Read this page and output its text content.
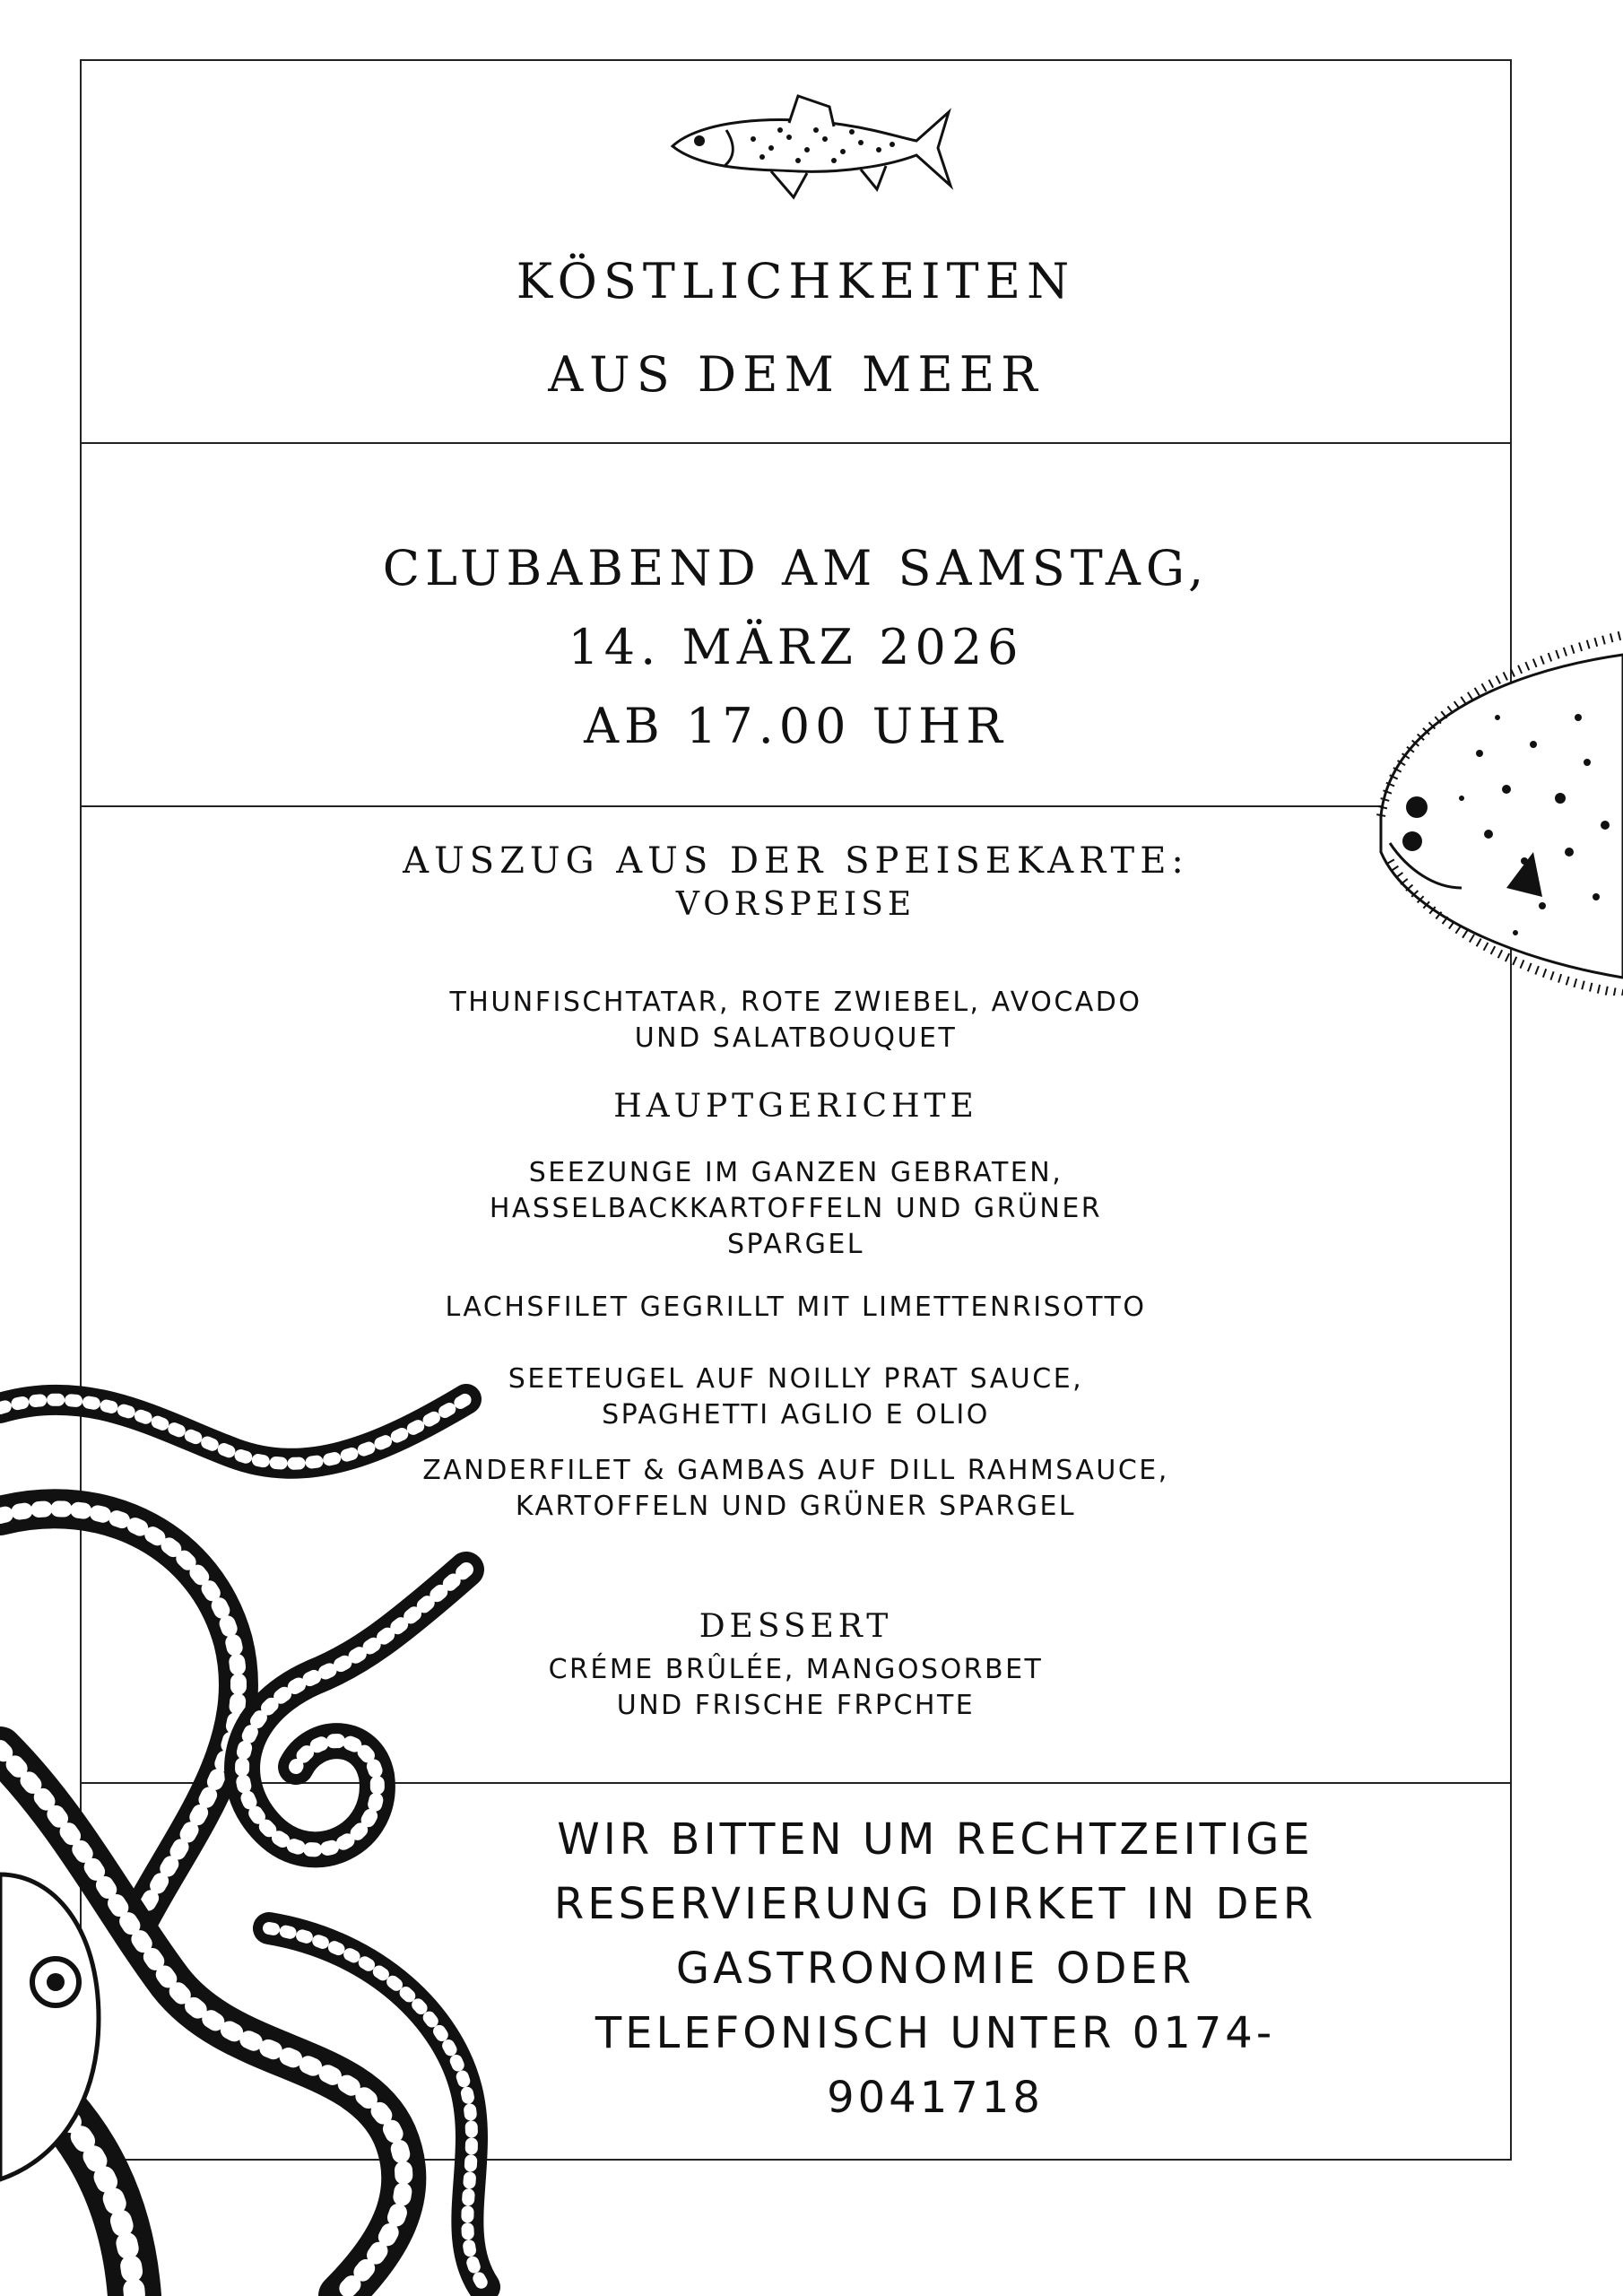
KÖSTLICHKEITEN
AUS DEM MEER
CLUBABEND AM SAMSTAG,
14. MÄRZ 2026
AB 17.00 UHR
AUSZUG AUS DER SPEISEKARTE:
VORSPEISE
THUNFISCHTATAR, ROTE ZWIEBEL, AVOCADO
UND SALATBOUQUET
HAUPTGERICHTE
SEEZUNGE IM GANZEN GEBRATEN,
HASSELBACKKARTOFFELN UND GRÜNER
SPARGEL
LACHSFILET GEGRILLT MIT LIMETTENRISOTTO
SEETEUGEL AUF NOILLY PRAT SAUCE,
SPAGHETTI AGLIO E OLIO
ZANDERFILET & GAMBAS AUF DILL RAHMSAUCE,
KARTOFFELN UND GRÜNER SPARGEL
DESSERT
CRÉME BRÛLÉE, MANGOSORBET
UND FRISCHE FRPCHTE
WIR BITTEN UM RECHTZEITIGE
RESERVIERUNG DIRKET IN DER
GASTRONOMIE ODER
TELEFONISCH UNTER 0174-
9041718
